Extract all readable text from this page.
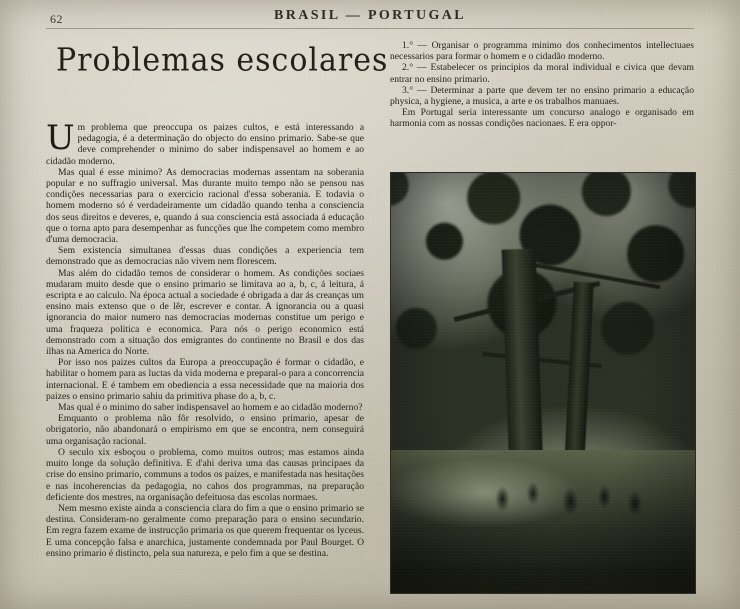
62	BRASIL — PORTUGAL
Problemas escolares

Um problema que preoccupa os paizes cultos, e está interessando a pedagogia, é a determinação do objecto do ensino primario. Sabe-se que deve comprehender o minimo do saber indispensavel ao homem e ao cidadão moderno.

Mas qual é esse minimo? As democracias modernas assentam na soberania popular e no suffragio universal. Mas durante muito tempo não se pensou nas condições necessarias para o exercicio racional d'essa soberania. E todavia o homem moderno só é verdadeiramente um cidadão quando tenha a consciencia dos seus direitos e deveres, e, quando á sua consciencia está associada á educação que o torna apto para desempenhar as funcções que lhe competem como membro d'uma democracia.

Sem existencia simultanea d'essas duas condições a experiencia tem demonstrado que as democracias não vivem nem florescem.

Mas além do cidadão temos de considerar o homem. As condições sociaes mudaram muito desde que o ensino primario se limitava ao a, b, c, á leitura, á escripta e ao calculo. Na época actual a sociedade é obrigada a dar ás creanças um ensino mais extenso que o de lêr, escrever e contar. A ignorancia ou a quasi ignorancia do maior numero nas democracias modernas constitue um perigo e uma fraqueza politica e economica. Para nós o perigo economico está demonstrado com a situação dos emigrantes do continente no Brasil e dos das ilhas na America do Norte.

Por isso nos paizes cultos da Europa a preoccupação é formar o cidadão, e habilitar o homem para as luctas da vida moderna e preparal-o para a concorrencia internacional. E é tambem em obediencia a essa necessidade que na maioria dos paizes o ensino primario sahiu da primitiva phase do a, b, c.

Mas qual é o minimo do saber indispensavel ao homem e ao cidadão moderno?

Emquanto o problema não fôr resolvido, o ensino primario, apesar de obrigatorio, não abandonará o empirismo em que se encontra, nem conseguirá uma organisação racional.

O seculo xix esboçou o problema, como muitos outros; mas estamos ainda muito longe da solução definitiva. E d'ahi deriva uma das causas principaes da crise do ensino primario, communs a todos os paizes, e manifestada nas hesitações e nas incoherencias da pedagogia, no cahos dos programmas, na preparação deficiente dos mestres, na organisação defeituosa das escolas normaes.

Nem mesmo existe ainda a consciencia clara do fim a que o ensino primario se destina. Consideram-no geralmente como preparação para o ensino secundario. Em regra fazem exame de instrucção primaria os que querem frequentar os lyceus. E uma concepção falsa e anarchica, justamente condemnada por Paul Bourget. O ensino primario é distincto, pela sua natureza, e pelo fim a que se destina.

1.° — Organisar o programma minimo dos conhecimentos intellectuaes necessarios para formar o homem e o cidadão moderno.

2.° — Estabelecer os principios da moral individual e civica que devam entrar no ensino primario.

3.° — Determinar a parte que devem ter no ensino primario a educação physica, a hygiene, a musica, a arte e os trabalhos manuaes.

Em Portugal seria interessante um concurso analogo e organisado em harmonia com as nossas condições nacionaes. E era oppor-
